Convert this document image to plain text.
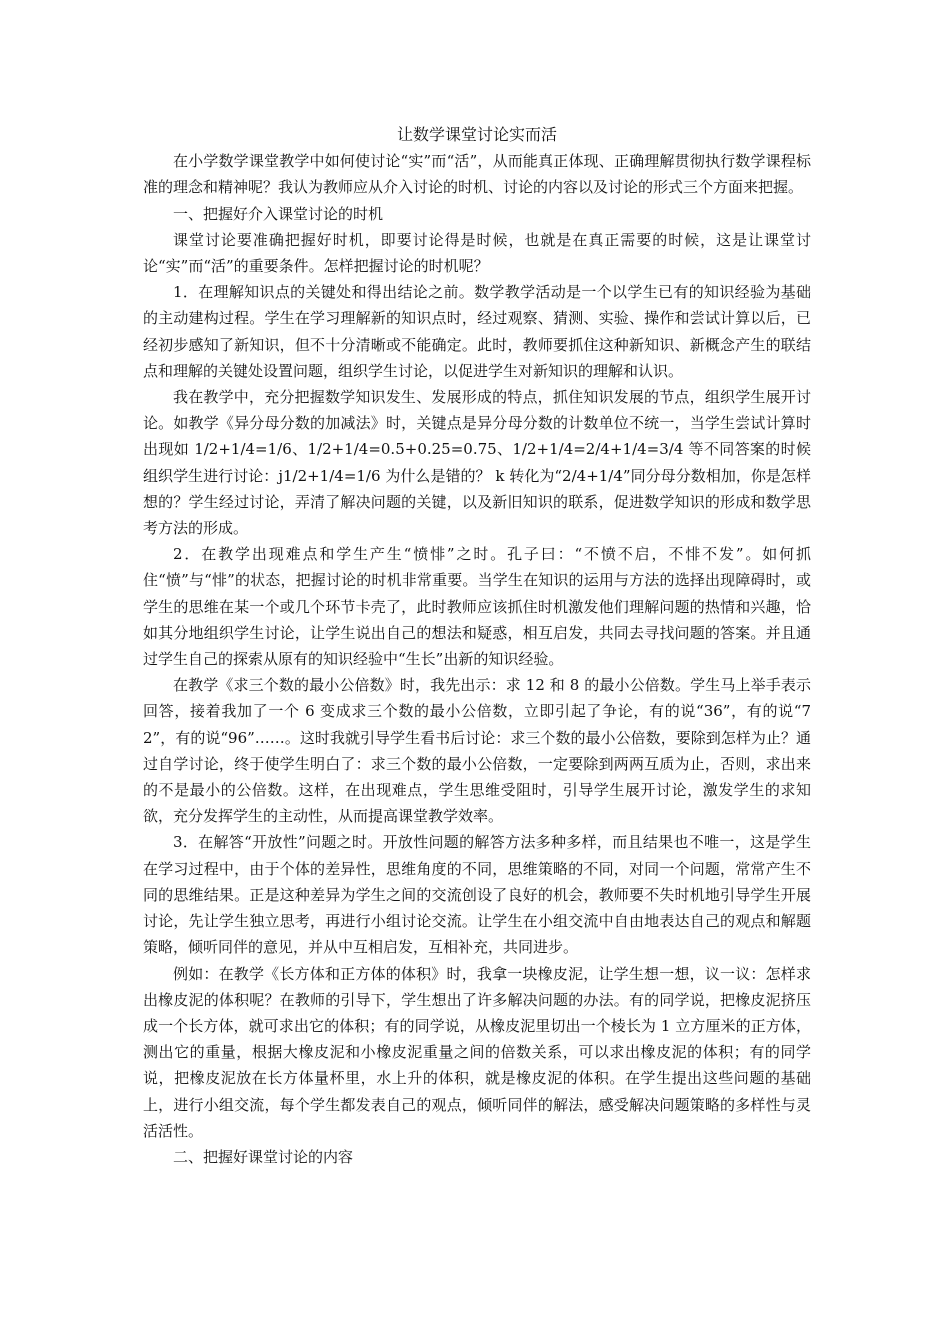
让数学课堂讨论实而活

在小学数学课堂教学中如何使讨论“实”而“活”，从而能真正体现、正确理解贯彻执行数学课程标准的理念和精神呢？我认为教师应从介入讨论的时机、讨论的内容以及讨论的形式三个方面来把握。

一、把握好介入课堂讨论的时机

课堂讨论要准确把握好时机，即要讨论得是时候，也就是在真正需要的时候，这是让课堂讨论“实”而“活”的重要条件。怎样把握讨论的时机呢？

1．在理解知识点的关键处和得出结论之前。数学教学活动是一个以学生已有的知识经验为基础的主动建构过程。学生在学习理解新的知识点时，经过观察、猜测、实验、操作和尝试计算以后，已经初步感知了新知识，但不十分清晰或不能确定。此时，教师要抓住这种新知识、新概念产生的联结点和理解的关键处设置问题，组织学生讨论，以促进学生对新知识的理解和认识。

我在教学中，充分把握数学知识发生、发展形成的特点，抓住知识发展的节点，组织学生展开讨论。如教学《异分母分数的加减法》时，关键点是异分母分数的计数单位不统一，当学生尝试计算时出现如 1/2+1/4=1/6、1/2+1/4=0.5+0.25=0.75、1/2+1/4=2/4+1/4=3/4 等不同答案的时候组织学生进行讨论：j1/2+1/4=1/6 为什么是错的？ k 转化为“2/4+1/4”同分母分数相加，你是怎样想的？学生经过讨论，弄清了解决问题的关键，以及新旧知识的联系，促进数学知识的形成和数学思考方法的形成。

2．在教学出现难点和学生产生“愤悱”之时。孔子曰：“不愤不启，不悱不发”。如何抓住“愤”与“悱”的状态，把握讨论的时机非常重要。当学生在知识的运用与方法的选择出现障碍时，或学生的思维在某一个或几个环节卡壳了，此时教师应该抓住时机激发他们理解问题的热情和兴趣，恰如其分地组织学生讨论，让学生说出自己的想法和疑惑，相互启发，共同去寻找问题的答案。并且通过学生自己的探索从原有的知识经验中“生长”出新的知识经验。

在教学《求三个数的最小公倍数》时，我先出示：求 12 和 8 的最小公倍数。学生马上举手表示回答，接着我加了一个 6 变成求三个数的最小公倍数，立即引起了争论，有的说“36”，有的说“72”，有的说“96”……。这时我就引导学生看书后讨论：求三个数的最小公倍数，要除到怎样为止？通过自学讨论，终于使学生明白了：求三个数的最小公倍数，一定要除到两两互质为止，否则，求出来的不是最小的公倍数。这样，在出现难点，学生思维受阻时，引导学生展开讨论，激发学生的求知欲，充分发挥学生的主动性，从而提高课堂教学效率。

3．在解答“开放性”问题之时。开放性问题的解答方法多种多样，而且结果也不唯一，这是学生在学习过程中，由于个体的差异性，思维角度的不同，思维策略的不同，对同一个问题，常常产生不同的思维结果。正是这种差异为学生之间的交流创设了良好的机会，教师要不失时机地引导学生开展讨论，先让学生独立思考，再进行小组讨论交流。让学生在小组交流中自由地表达自己的观点和解题策略，倾听同伴的意见，并从中互相启发，互相补充，共同进步。

例如：在教学《长方体和正方体的体积》时，我拿一块橡皮泥，让学生想一想，议一议：怎样求出橡皮泥的体积呢？在教师的引导下，学生想出了许多解决问题的办法。有的同学说，把橡皮泥挤压成一个长方体，就可求出它的体积；有的同学说，从橡皮泥里切出一个棱长为 1 立方厘米的正方体，测出它的重量，根据大橡皮泥和小橡皮泥重量之间的倍数关系，可以求出橡皮泥的体积；有的同学说，把橡皮泥放在长方体量杯里，水上升的体积，就是橡皮泥的体积。在学生提出这些问题的基础上，进行小组交流，每个学生都发表自己的观点，倾听同伴的解法，感受解决问题策略的多样性与灵活活性。

二、把握好课堂讨论的内容
